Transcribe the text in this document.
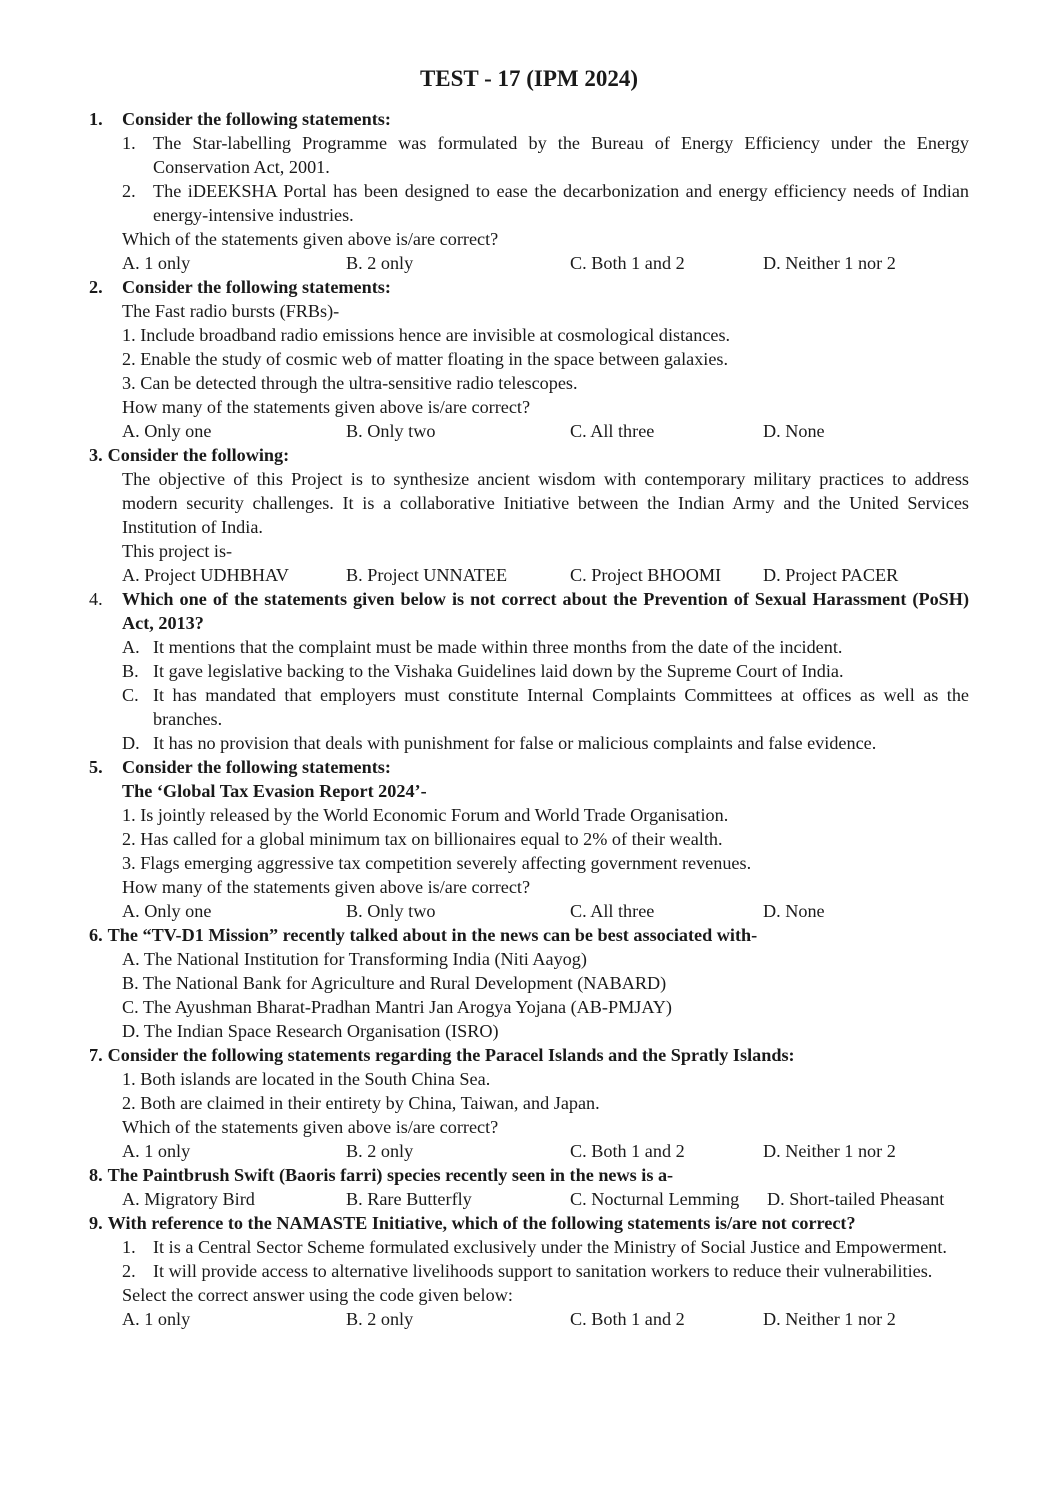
TEST - 17 (IPM 2024)
1.	Consider the following statements:
1. The Star-labelling Programme was formulated by the Bureau of Energy Efficiency under the Energy Conservation Act, 2001.
2. The iDEEKSHA Portal has been designed to ease the decarbonization and energy efficiency needs of Indian energy-intensive industries.
Which of the statements given above is/are correct?
A. 1 only	B. 2 only	C. Both 1 and 2	D. Neither 1 nor 2
2.	Consider the following statements:
The Fast radio bursts (FRBs)-
1. Include broadband radio emissions hence are invisible at cosmological distances.
2. Enable the study of cosmic web of matter floating in the space between galaxies.
3. Can be detected through the ultra-sensitive radio telescopes.
How many of the statements given above is/are correct?
A. Only one	B. Only two	C. All three	D. None
3. Consider the following:
The objective of this Project is to synthesize ancient wisdom with contemporary military practices to address modern security challenges. It is a collaborative Initiative between the Indian Army and the United Services Institution of India.
This project is-
A. Project UDHBHAV	B. Project UNNATEE	C. Project BHOOMI	D. Project PACER
4.	Which one of the statements given below is not correct about the Prevention of Sexual Harassment (PoSH) Act, 2013?
A. It mentions that the complaint must be made within three months from the date of the incident.
B. It gave legislative backing to the Vishaka Guidelines laid down by the Supreme Court of India.
C. It has mandated that employers must constitute Internal Complaints Committees at offices as well as the branches.
D. It has no provision that deals with punishment for false or malicious complaints and false evidence.
5.	Consider the following statements:
The ‘Global Tax Evasion Report 2024’-
1. Is jointly released by the World Economic Forum and World Trade Organisation.
2. Has called for a global minimum tax on billionaires equal to 2% of their wealth.
3. Flags emerging aggressive tax competition severely affecting government revenues.
How many of the statements given above is/are correct?
A. Only one	B. Only two	C. All three	D. None
6. The “TV-D1 Mission” recently talked about in the news can be best associated with-
A. The National Institution for Transforming India (Niti Aayog)
B. The National Bank for Agriculture and Rural Development (NABARD)
C. The Ayushman Bharat-Pradhan Mantri Jan Arogya Yojana (AB-PMJAY)
D. The Indian Space Research Organisation (ISRO)
7. Consider the following statements regarding the Paracel Islands and the Spratly Islands:
1. Both islands are located in the South China Sea.
2. Both are claimed in their entirety by China, Taiwan, and Japan.
Which of the statements given above is/are correct?
A. 1 only	B. 2 only	C. Both 1 and 2	D. Neither 1 nor 2
8. The Paintbrush Swift (Baoris farri) species recently seen in the news is a-
A. Migratory Bird	B. Rare Butterfly	C. Nocturnal Lemming	D. Short-tailed Pheasant
9. With reference to the NAMASTE Initiative, which of the following statements is/are not correct?
1. It is a Central Sector Scheme formulated exclusively under the Ministry of Social Justice and Empowerment.
2. It will provide access to alternative livelihoods support to sanitation workers to reduce their vulnerabilities.
Select the correct answer using the code given below:
A. 1 only	B. 2 only	C. Both 1 and 2	D. Neither 1 nor 2
